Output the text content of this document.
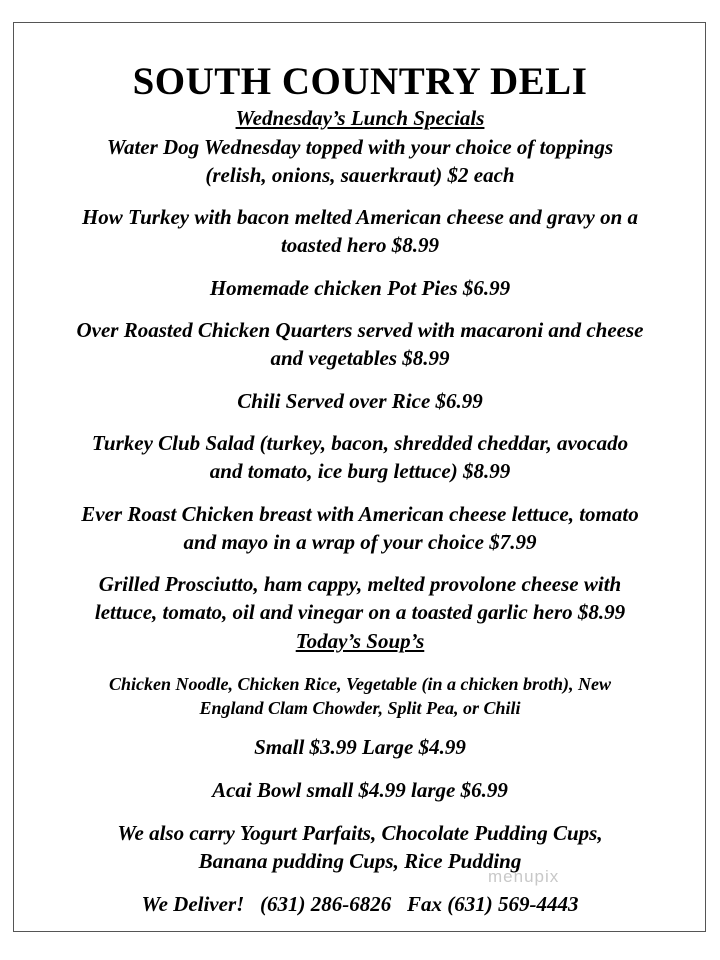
SOUTH COUNTRY DELI
Wednesday’s Lunch Specials
Water Dog Wednesday topped with your choice of toppings
(relish, onions, sauerkraut) $2 each
How Turkey with bacon melted American cheese and gravy on a
toasted hero $8.99
Homemade chicken Pot Pies $6.99
Over Roasted Chicken Quarters served with macaroni and cheese
and vegetables $8.99
Chili Served over Rice $6.99
Turkey Club Salad (turkey, bacon, shredded cheddar, avocado
and tomato, ice burg lettuce) $8.99
Ever Roast Chicken breast with American cheese lettuce, tomato
and mayo in a wrap of your choice $7.99
Grilled Prosciutto, ham cappy, melted provolone cheese with
lettuce, tomato, oil and vinegar on a toasted garlic hero $8.99
Today’s Soup’s
Chicken Noodle, Chicken Rice, Vegetable (in a chicken broth), New
England Clam Chowder, Split Pea, or Chili
Small $3.99 Large $4.99
Acai Bowl small $4.99 large $6.99
We also carry Yogurt Parfaits, Chocolate Pudding Cups,
Banana pudding Cups, Rice Pudding
menupix
We Deliver!   (631) 286-6826   Fax (631) 569-4443
